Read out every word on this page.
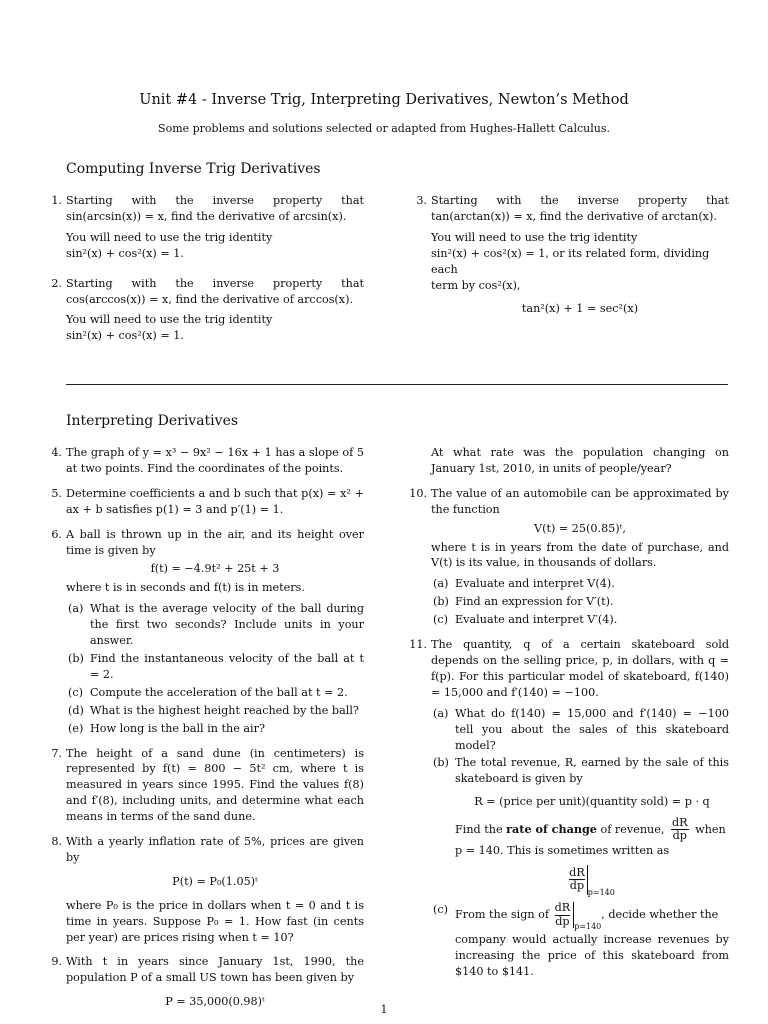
Unit #4 - Inverse Trig, Interpreting Derivatives, Newton’s Method
Some problems and solutions selected or adapted from Hughes-Hallett Calculus.
Computing Inverse Trig Derivatives
1. Starting with the inverse property that
sin(arcsin(x)) = x, find the derivative of arcsin(x).
You will need to use the trig identity
sin²(x) + cos²(x) = 1.
2. Starting with the inverse property that
cos(arccos(x)) = x, find the derivative of arccos(x).
You will need to use the trig identity
sin²(x) + cos²(x) = 1.
3. Starting with the inverse property that
tan(arctan(x)) = x, find the derivative of arctan(x).
You will need to use the trig identity
sin²(x) + cos²(x) = 1, or its related form, dividing each
term by cos²(x),
tan²(x) + 1 = sec²(x)
Interpreting Derivatives
4. The graph of y = x³ − 9x² − 16x + 1 has a slope of 5 at two points. Find the coordinates of the points.
5. Determine coefficients a and b such that p(x) = x² + ax + b satisfies p(1) = 3 and p′(1) = 1.
6. A ball is thrown up in the air, and its height over time is given by
f(t) = −4.9t² + 25t + 3
where t is in seconds and f(t) is in meters.
(a) What is the average velocity of the ball during the first two seconds? Include units in your answer.
(b) Find the instantaneous velocity of the ball at t = 2.
(c) Compute the acceleration of the ball at t = 2.
(d) What is the highest height reached by the ball?
(e) How long is the ball in the air?
7. The height of a sand dune (in centimeters) is represented by f(t) = 800 − 5t² cm, where t is measured in years since 1995. Find the values f(8) and f′(8), including units, and determine what each means in terms of the sand dune.
8. With a yearly inflation rate of 5%, prices are given by
P(t) = P₀(1.05)ᵗ
where P₀ is the price in dollars when t = 0 and t is time in years. Suppose P₀ = 1. How fast (in cents per year) are prices rising when t = 10?
9. With t in years since January 1st, 1990, the population P of a small US town has been given by
P = 35,000(0.98)ᵗ
At what rate was the population changing on January 1st, 2010, in units of people/year?
10. The value of an automobile can be approximated by the function
V(t) = 25(0.85)ᵗ,
where t is in years from the date of purchase, and V(t) is its value, in thousands of dollars.
(a) Evaluate and interpret V(4).
(b) Find an expression for V′(t).
(c) Evaluate and interpret V′(4).
11. The quantity, q of a certain skateboard sold depends on the selling price, p, in dollars, with q = f(p). For this particular model of skateboard, f(140) = 15,000 and f′(140) = −100.
(a) What do f(140) = 15,000 and f′(140) = −100 tell you about the sales of this skateboard model?
(b) The total revenue, R, earned by the sale of this skateboard is given by
R = (price per unit)(quantity sold) = p · q
Find the rate of change of revenue, $\frac{dR}{dp}$ when
p = 140. This is sometimes written as
$\frac{dR}{dp} _{p=140}$
(c) From the sign of $\frac{dR}{dp} _{p=140}$, decide whether the
company would actually increase revenues by increasing the price of this skateboard from $140 to $141.
1
